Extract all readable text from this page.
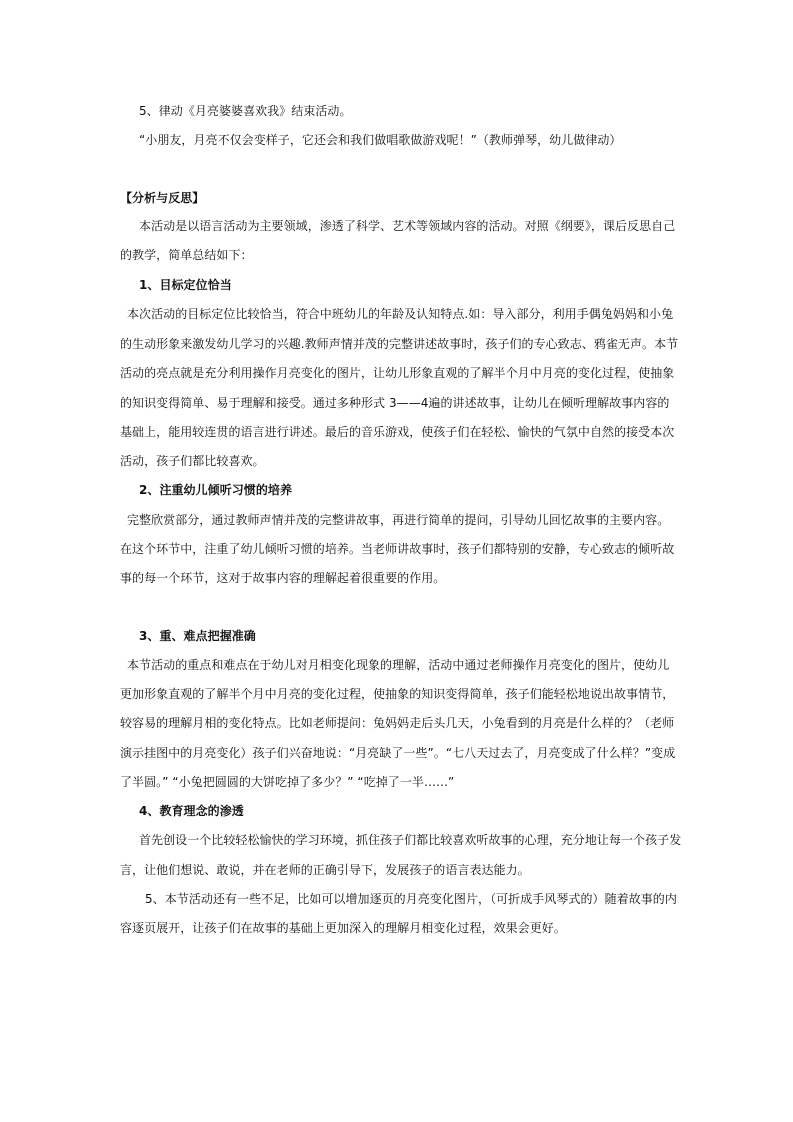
5、律动《月亮婆婆喜欢我》结束活动。
“小朋友，月亮不仅会变样子，它还会和我们做唱歌做游戏呢！”（教师弹琴，幼儿做律动）
【分析与反思】
本活动是以语言活动为主要领域，渗透了科学、艺术等领域内容的活动。对照《纲要》，课后反思自己
的教学，简单总结如下：
1、目标定位恰当
本次活动的目标定位比较恰当，符合中班幼儿的年龄及认知特点.如：导入部分，利用手偶兔妈妈和小兔
的生动形象来激发幼儿学习的兴趣.教师声情并茂的完整讲述故事时，孩子们的专心致志、鸦雀无声。本节
活动的亮点就是充分利用操作月亮变化的图片，让幼儿形象直观的了解半个月中月亮的变化过程，使抽象
的知识变得简单、易于理解和接受。通过多种形式 3——4遍的讲述故事，让幼儿在倾听理解故事内容的
基础上，能用较连贯的语言进行讲述。最后的音乐游戏，使孩子们在轻松、愉快的气氛中自然的接受本次
活动，孩子们都比较喜欢。
2、注重幼儿倾听习惯的培养
完整欣赏部分，通过教师声情并茂的完整讲故事，再进行简单的提问，引导幼儿回忆故事的主要内容。
在这个环节中，注重了幼儿倾听习惯的培养。当老师讲故事时，孩子们都特别的安静，专心致志的倾听故
事的每一个环节，这对于故事内容的理解起着很重要的作用。
3、重、难点把握准确
本节活动的重点和难点在于幼儿对月相变化现象的理解，活动中通过老师操作月亮变化的图片，使幼儿
更加形象直观的了解半个月中月亮的变化过程，使抽象的知识变得简单，孩子们能轻松地说出故事情节，
较容易的理解月相的变化特点。比如老师提问：兔妈妈走后头几天，小兔看到的月亮是什么样的？（老师
演示挂图中的月亮变化）孩子们兴奋地说：“月亮缺了一些”。“七八天过去了，月亮变成了什么样？”变成
了半圆。” “小兔把圆圆的大饼吃掉了多少？” “吃掉了一半……”
4、教育理念的渗透
首先创设一个比较轻松愉快的学习环境，抓住孩子们都比较喜欢听故事的心理，充分地让每一个孩子发
言，让他们想说、敢说，并在老师的正确引导下，发展孩子的语言表达能力。
5、本节活动还有一些不足，比如可以增加逐页的月亮变化图片，（可折成手风琴式的）随着故事的内
容逐页展开，让孩子们在故事的基础上更加深入的理解月相变化过程，效果会更好。
